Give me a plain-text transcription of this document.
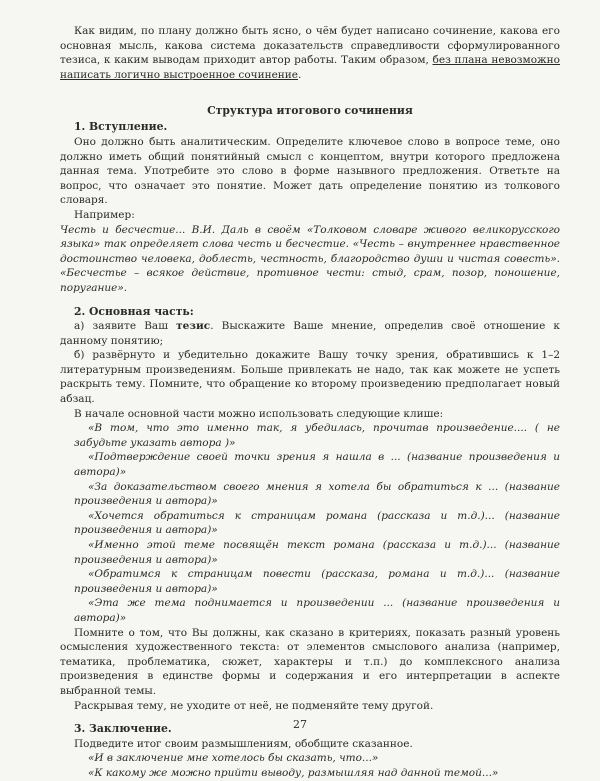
Как видим, по плану должно быть ясно, о чём будет написано сочинение, какова его основная мысль, какова система доказательств справедливости сформулированного тезиса, к каким выводам приходит автор работы. Таким образом, без плана невозможно написать логично выстроенное сочинение.

Структура итогового сочинения
1. Вступление.

Оно должно быть аналитическим. Определите ключевое слово в вопросе теме, оно должно иметь общий понятийный смысл с концептом, внутри которого предложена данная тема. Употребите это слово в форме назывного предложения. Ответьте на вопрос, что означает это понятие. Может дать определение понятию из толкового словаря.

Например:

Честь и бесчестие... В.И. Даль в своём «Толковом словаре живого великорусского языка» так определяет слова честь и бесчестие. «Честь – внутреннее нравственное достоинство человека, доблесть, честность, благородство души и чистая совесть». «Бесчестье – всякое действие, противное чести: стыд, срам, позор, поношение, поругание».

2. Основная часть:

а) заявите Ваш тезис. Выскажите Ваше мнение, определив своё отношение к данному понятию;

б) развёрнуто и убедительно докажите Вашу точку зрения, обратившись к 1–2 литературным произведениям. Больше привлекать не надо, так как можете не успеть раскрыть тему. Помните, что обращение ко второму произведению предполагает новый абзац.

В начале основной части можно использовать следующие клише:

«В том, что это именно так, я убедилась, прочитав произведение.... ( не забудьте указать автора )»

«Подтверждение своей точки зрения я нашла в ... (название произведения и автора)»

«За доказательством своего мнения я хотела бы обратиться к ... (название произведения и автора)»

«Хочется обратиться к страницам романа (рассказа и т.д.)... (название произведения и автора)»

«Именно этой теме посвящён текст романа (рассказа и т.д.)... (название произведения и автора)»

«Обратимся к страницам повести (рассказа, романа и т.д.)... (название произведения и автора)»

«Эта же тема поднимается и произведении ... (название произведения и автора)»

Помните о том, что Вы должны, как сказано в критериях, показать разный уровень осмысления художественного текста: от элементов смыслового анализа (например, тематика, проблематика, сюжет, характеры и т.п.) до комплексного анализа произведения в единстве формы и содержания и его интерпретации в аспекте выбранной темы.

Раскрывая тему, не уходите от неё, не подменяйте тему другой.

3. Заключение.

Подведите итог своим размышлениям, обобщите сказанное.

«И в заключение мне хотелось бы сказать, что...»

«К какому же можно прийти выводу, размышляя над данной темой...»

27
